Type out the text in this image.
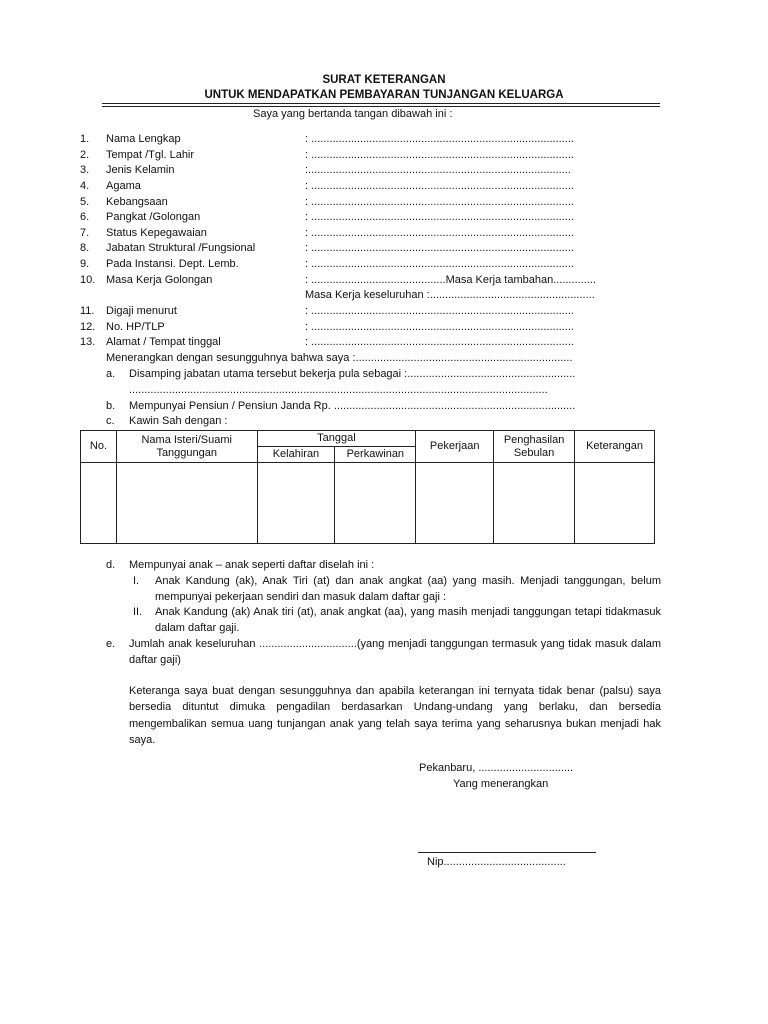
SURAT KETERANGAN
UNTUK MENDAPATKAN PEMBAYARAN TUNJANGAN KELUARGA
Saya yang bertanda tangan dibawah ini :
1. Nama Lengkap	: ......................................................................................
2. Tempat /Tgl. Lahir	: ......................................................................................
3. Jenis Kelamin	:......................................................................................
4. Agama	: ......................................................................................
5. Kebangsaan	: ......................................................................................
6. Pangkat /Golongan	: ......................................................................................
7. Status Kepegawaian	: ......................................................................................
8. Jabatan Struktural /Fungsional	: ......................................................................................
9. Pada Instansi. Dept. Lemb.	: ......................................................................................
10. Masa Kerja Golongan	: ............................................Masa Kerja tambahan..............
Masa Kerja keseluruhan :......................................................
11. Digaji menurut	: ......................................................................................
12. No. HP/TLP	: ......................................................................................
13. Alamat / Tempat tinggal	: ......................................................................................
Menerangkan dengan sesungguhnya bahwa saya :.......................................................................
a. Disamping jabatan utama tersebut bekerja pula sebagai :.......................................................
.........................................................................................................................................
b. Mempunyai Pensiun / Pensiun Janda Rp. ...............................................................................
c. Kawin Sah dengan :
No.	Nama Isteri/Suami Tanggungan	Tanggal		Pekerjaan	Penghasilan Sebulan	Keterangan
		Kelahiran	Perkawinan			

d. Mempunyai anak – anak seperti daftar disela​h ini :
I. Anak Kandung (ak), Anak Tiri (at) dan anak angkat (aa) yang masih. Menjadi tanggungan, belum mempunyai pekerjaan sendiri dan masuk dalam daftar gaji :
II. Anak Kandung (ak) Anak tiri (at), anak angkat (aa), yang masih menjadi tanggungan tetapi tidakmasuk dalam daftar gaji.
e. Jumlah anak keseluruhan ................................(yang menjadi tanggungan termasuk yang tidak masuk dalam daftar gaji)
Keteranga saya buat dengan sesungguhnya dan apabila keterangan ini ternyata tidak benar (palsu) saya bersedia dituntut dimuka pengadilan berdasarkan Undang-undang yang berlaku, dan bersedia mengembalikan semua uang tunjangan anak yang telah saya terima yang seharusnya bukan menjadi hak saya.
Pekanbaru, ...............................
Yang menerangkan
Nip........................................
